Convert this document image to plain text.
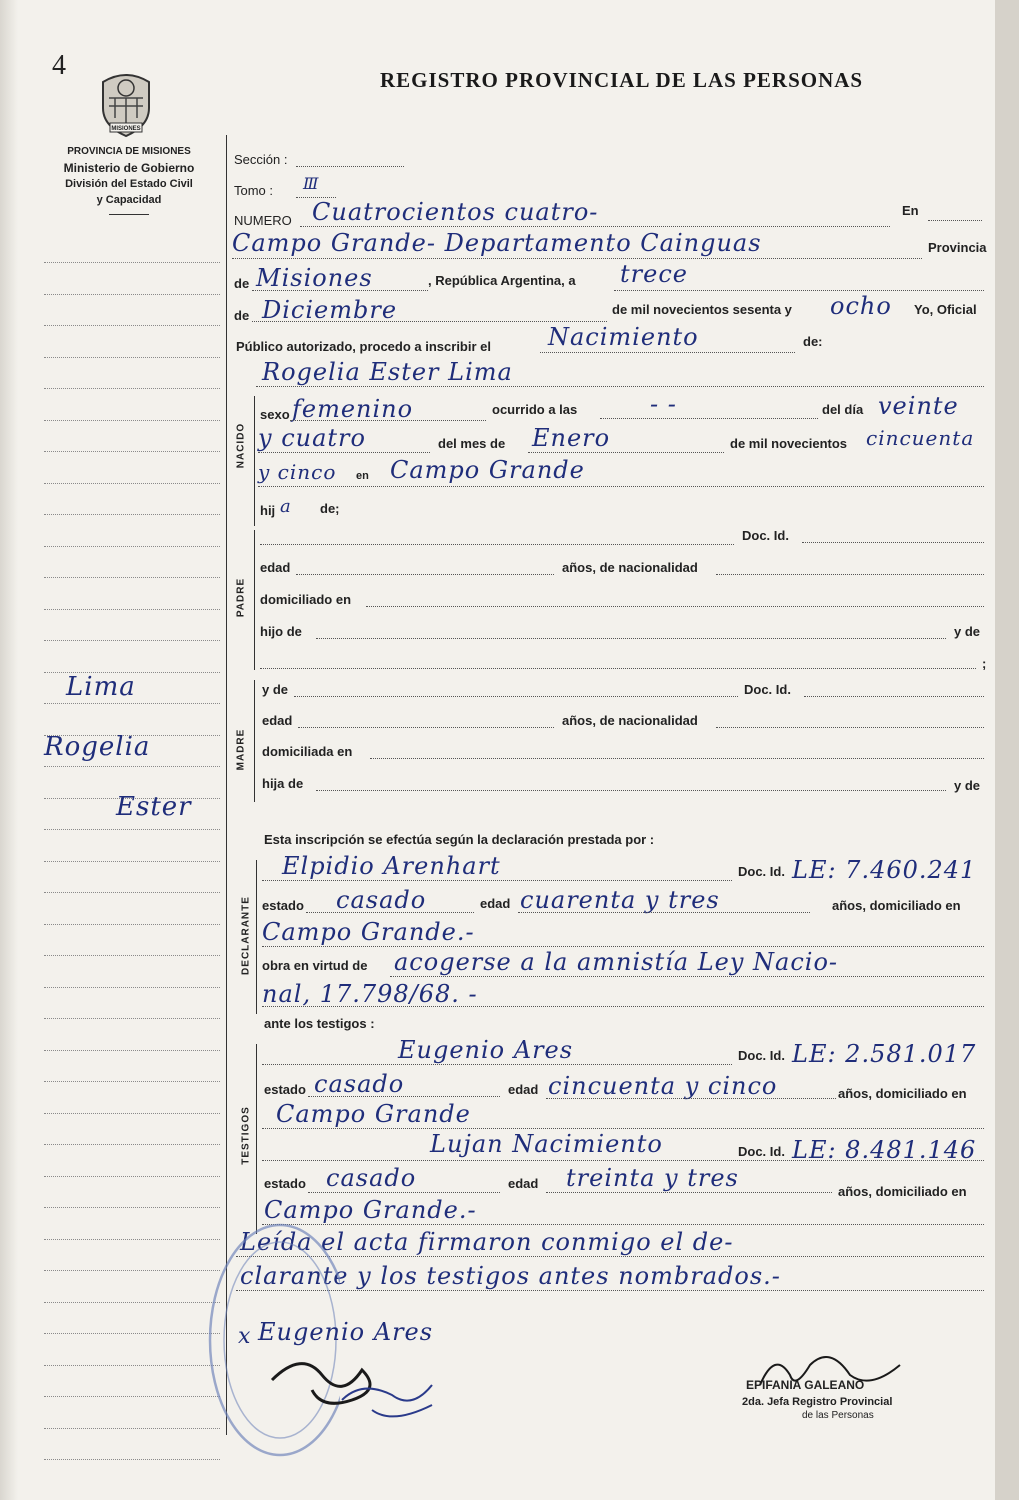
4
MISIONES
REGISTRO PROVINCIAL DE LAS PERSONAS
PROVINCIA DE MISIONES
Ministerio de Gobierno
División del Estado Civil
y Capacidad
Sección :
Tomo : Ⅲ
NUMERO Cuatrocientos cuatro-	En
Campo Grande- Departamento Cainguas	Provincia
de Misiones	, República Argentina, a trece
de Diciembre	de mil novecientos sesenta y ocho Yo, Oficial
Público autorizado, procedo a inscribir el Nacimiento	de:
Rogelia Ester Lima
NACIDO
sexo femenino	ocurrido a las	- -	del día veinte
y cuatro	del mes de Enero	de mil novecientos cincuenta
y cinco en Campo Grande
hij a de;
PADRE
Doc. Id.
edad	años, de nacionalidad
domiciliado en
hijo de	y de
;
MADRE
y de	Doc. Id.
edad	años, de nacionalidad
domiciliada en
hija de	y de
Lima
Rogelia
Ester
Esta inscripción se efectúa según la declaración prestada por :
DECLARANTE
Elpidio Arenhart	Doc. Id. LE: 7.460.241
estado casado	edad cuarenta y tres	años, domiciliado en
Campo Grande.-
obra en virtud de acogerse a la amnistía Ley Nacio-
nal, 17.798/68. -
ante los testigos :
TESTIGOS
Eugenio Ares	Doc. Id. LE: 2.581.017
estado casado	edad cincuenta y cinco	años, domiciliado en
Campo Grande
Lujan Nacimiento	Doc. Id. LE: 8.481.146
estado casado	edad treinta y tres	años, domiciliado en
Campo Grande.-
Leída el acta firmaron conmigo el de-
clarante y los testigos antes nombrados.-
x Eugenio Ares
EPIFANIA GALEANO
2da. Jefa Registro Provincial
de las Personas
